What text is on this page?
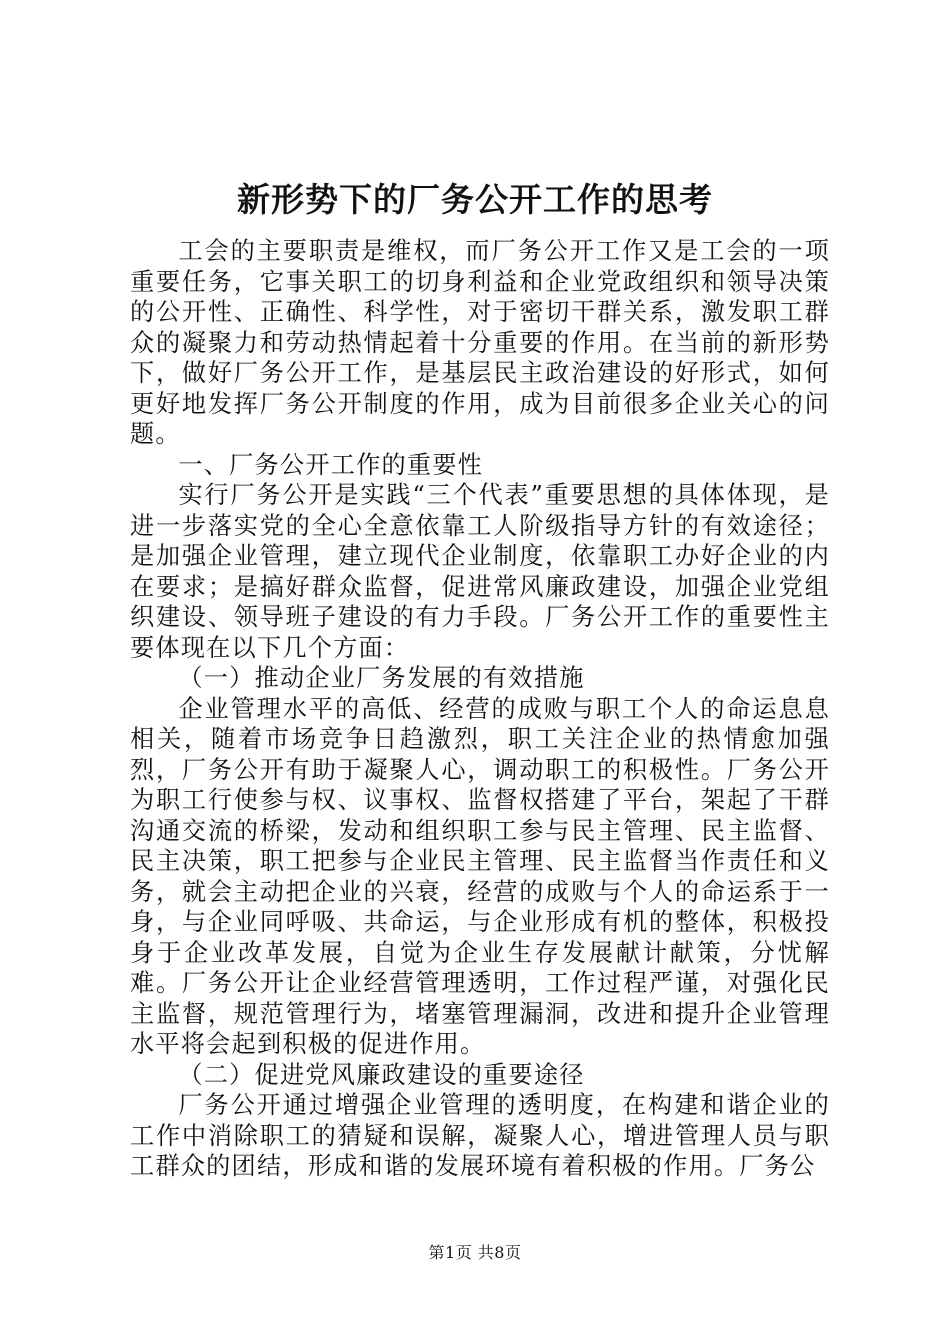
新形势下的厂务公开工作的思考

工会的主要职责是维权，而厂务公开工作又是工会的一项重要任务，它事关职工的切身利益和企业党政组织和领导决策的公开性、正确性、科学性，对于密切干群关系，激发职工群众的凝聚力和劳动热情起着十分重要的作用。在当前的新形势下，做好厂务公开工作，是基层民主政治建设的好形式，如何更好地发挥厂务公开制度的作用，成为目前很多企业关心的问题。

一、厂务公开工作的重要性

实行厂务公开是实践“三个代表”重要思想的具体体现，是进一步落实党的全心全意依靠工人阶级指导方针的有效途径；是加强企业管理，建立现代企业制度，依靠职工办好企业的内在要求；是搞好群众监督，促进常风廉政建设，加强企业党组织建设、领导班子建设的有力手段。厂务公开工作的重要性主要体现在以下几个方面：

（一）推动企业厂务发展的有效措施

企业管理水平的高低、经营的成败与职工个人的命运息息相关，随着市场竞争日趋激烈，职工关注企业的热情愈加强烈，厂务公开有助于凝聚人心，调动职工的积极性。厂务公开为职工行使参与权、议事权、监督权搭建了平台，架起了干群沟通交流的桥梁，发动和组织职工参与民主管理、民主监督、民主决策，职工把参与企业民主管理、民主监督当作责任和义务，就会主动把企业的兴衰，经营的成败与个人的命运系于一身，与企业同呼吸、共命运，与企业形成有机的整体，积极投身于企业改革发展，自觉为企业生存发展献计献策，分忧解难。厂务公开让企业经营管理透明，工作过程严谨，对强化民主监督，规范管理行为，堵塞管理漏洞，改进和提升企业管理水平将会起到积极的促进作用。

（二）促进党风廉政建设的重要途径

厂务公开通过增强企业管理的透明度，在构建和谐企业的工作中消除职工的猜疑和误解，凝聚人心，增进管理人员与职工群众的团结，形成和谐的发展环境有着积极的作用。厂务公

第1页 共8页
